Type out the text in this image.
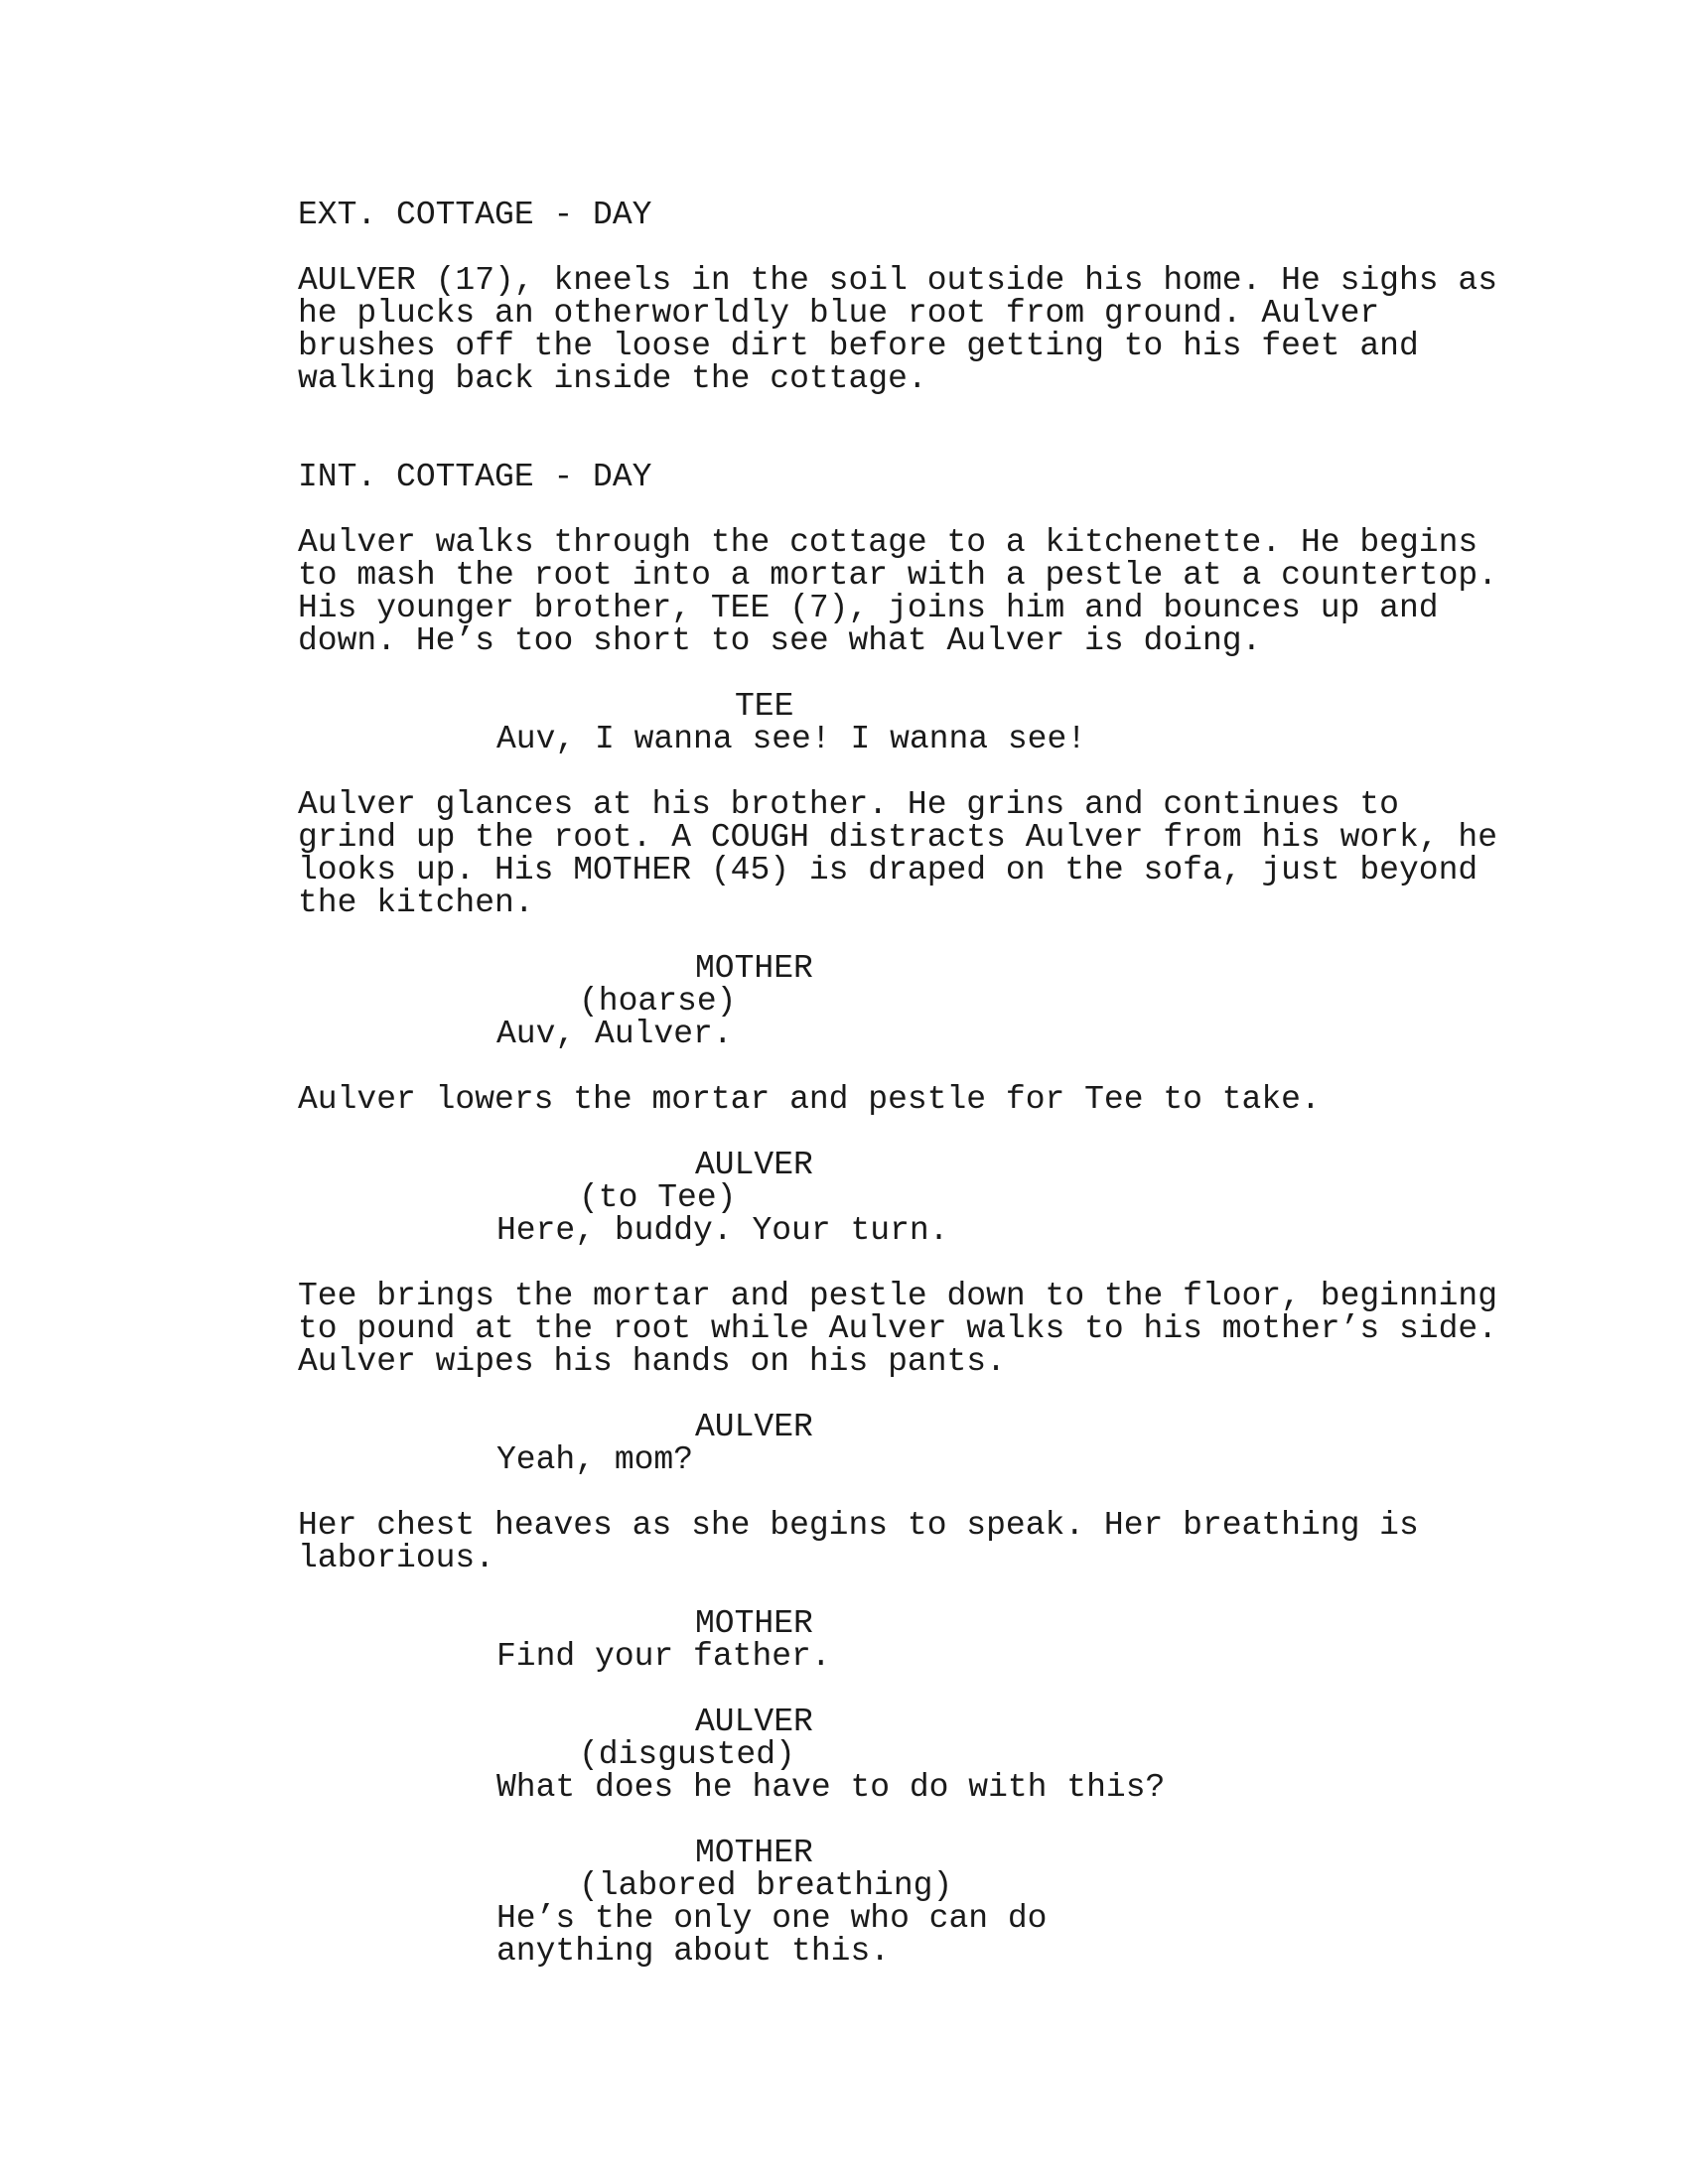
EXT. COTTAGE - DAY
AULVER (17), kneels in the soil outside his home. He sighs as
he plucks an otherworldly blue root from ground. Aulver
brushes off the loose dirt before getting to his feet and
walking back inside the cottage.
INT. COTTAGE - DAY
Aulver walks through the cottage to a kitchenette. He begins
to mash the root into a mortar with a pestle at a countertop.
His younger brother, TEE (7), joins him and bounces up and
down. He’s too short to see what Aulver is doing.
TEE
Auv, I wanna see! I wanna see!
Aulver glances at his brother. He grins and continues to
grind up the root. A COUGH distracts Aulver from his work, he
looks up. His MOTHER (45) is draped on the sofa, just beyond
the kitchen.
MOTHER
(hoarse)
Auv, Aulver.
Aulver lowers the mortar and pestle for Tee to take.
AULVER
(to Tee)
Here, buddy. Your turn.
Tee brings the mortar and pestle down to the floor, beginning
to pound at the root while Aulver walks to his mother’s side.
Aulver wipes his hands on his pants.
AULVER
Yeah, mom?
Her chest heaves as she begins to speak. Her breathing is
laborious.
MOTHER
Find your father.
AULVER
(disgusted)
What does he have to do with this?
MOTHER
(labored breathing)
He’s the only one who can do
anything about this.
